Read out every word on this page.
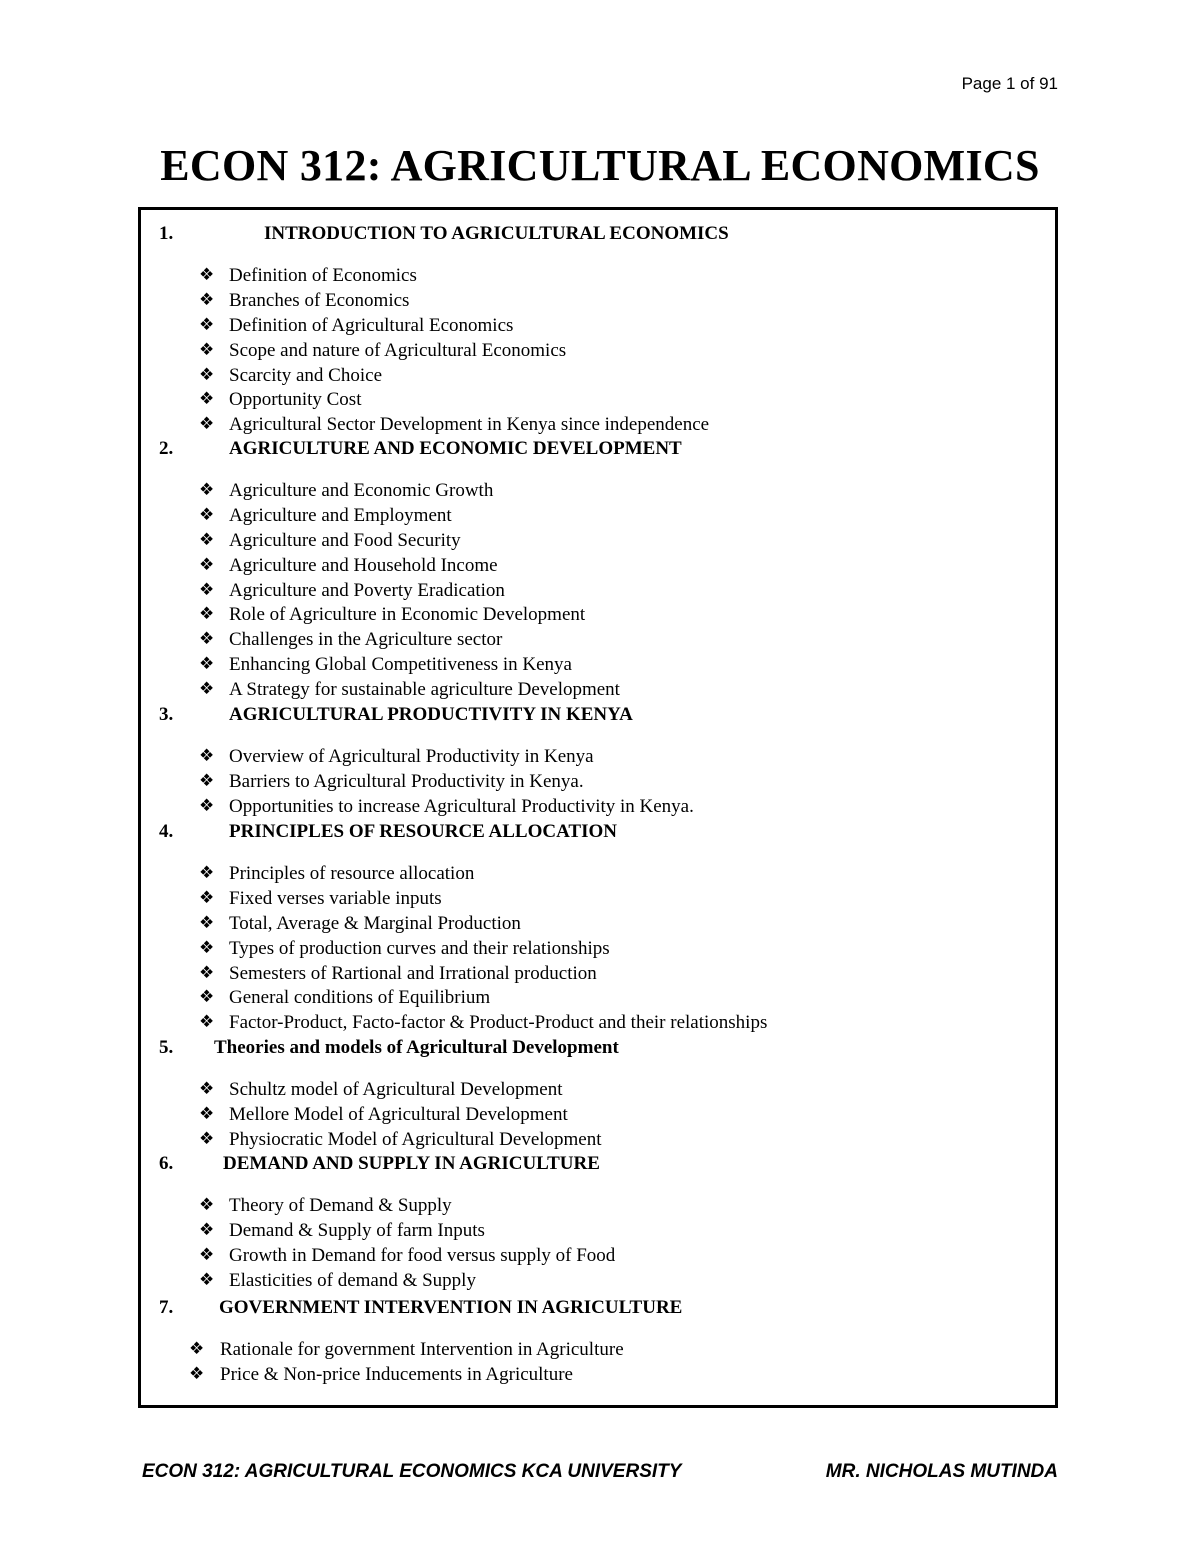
Page 1 of 91
ECON 312: AGRICULTURAL ECONOMICS
1.	INTRODUCTION TO AGRICULTURAL ECONOMICS
❖ Definition of Economics
❖ Branches of Economics
❖ Definition of Agricultural Economics
❖ Scope and nature of Agricultural Economics
❖ Scarcity and Choice
❖ Opportunity Cost
❖ Agricultural Sector Development in Kenya since independence
2.	AGRICULTURE AND ECONOMIC DEVELOPMENT
❖ Agriculture and Economic Growth
❖ Agriculture and Employment
❖ Agriculture and Food Security
❖ Agriculture and Household Income
❖ Agriculture and Poverty Eradication
❖ Role of Agriculture in Economic Development
❖ Challenges in the Agriculture sector
❖ Enhancing Global Competitiveness in Kenya
❖ A Strategy for sustainable agriculture Development
3.	AGRICULTURAL PRODUCTIVITY IN KENYA
❖ Overview of Agricultural Productivity in Kenya
❖ Barriers to Agricultural Productivity in Kenya.
❖ Opportunities to increase Agricultural Productivity in Kenya.
4.	PRINCIPLES OF RESOURCE ALLOCATION
❖ Principles of resource allocation
❖ Fixed verses variable inputs
❖ Total, Average & Marginal Production
❖ Types of production curves and their relationships
❖ Semesters of Rartional and Irrational production
❖ General conditions of Equilibrium
❖ Factor-Product, Facto-factor & Product-Product and their relationships
5. Theories and models of Agricultural Development
❖ Schultz model of Agricultural Development
❖ Mellore Model of Agricultural Development
❖ Physiocratic Model of Agricultural Development
6.	DEMAND AND SUPPLY IN AGRICULTURE
❖ Theory of Demand & Supply
❖ Demand & Supply of farm Inputs
❖ Growth in Demand for food versus supply of Food
❖ Elasticities of demand & Supply
7. GOVERNMENT INTERVENTION IN AGRICULTURE
❖ Rationale for government Intervention in Agriculture
❖ Price & Non-price Inducements in Agriculture
ECON 312: AGRICULTURAL ECONOMICS KCA UNIVERSITY	MR. NICHOLAS MUTINDA
